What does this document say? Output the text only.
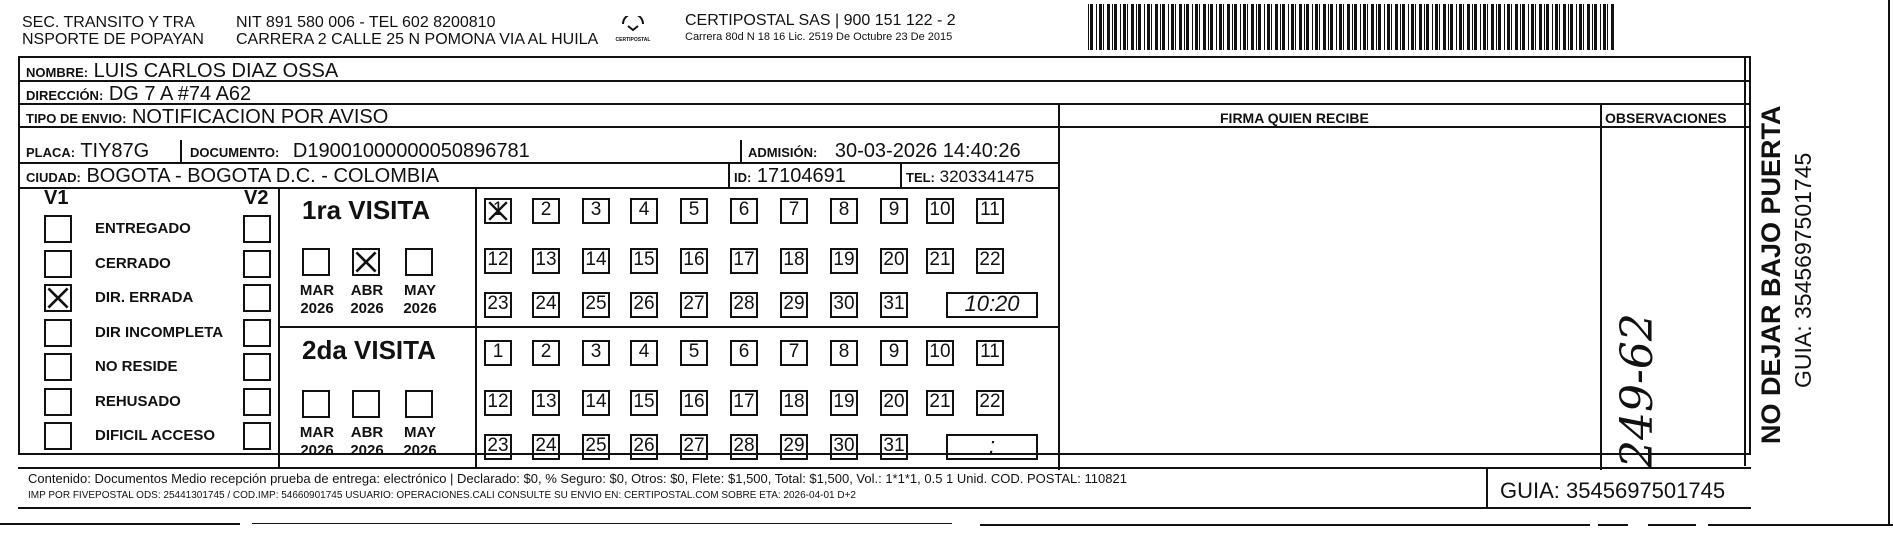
SEC. TRANSITO Y TRA
NSPORTE DE POPAYAN
NIT 891 580 006 - TEL 602 8200810
CARRERA 2 CALLE 25 N POMONA VIA AL HUILA	CERTIPOSTAL
CERTIPOSTAL SAS | 900 151 122 - 2
Carrera 80d N 18 16 Lic. 2519 De Octubre 23 De 2015
NOMBRE: LUIS CARLOS DIAZ OSSA
DIRECCIÓN: DG 7 A #74 A62
TIPO DE ENVIO: NOTIFICACION POR AVISO	FIRMA QUIEN RECIBE	OBSERVACIONES
PLACA: TIY87G	DOCUMENTO: D19001000000050896781	ADMISIÓN: 30-03-2026 14:40:26
CIUDAD: BOGOTA - BOGOTA D.C. - COLOMBIA	ID: 17104691	TEL: 3203341475
V1	V2
ENTREGADO
CERRADO
DIR. ERRADA
DIR INCOMPLETA
NO RESIDE
REHUSADO
DIFICIL ACCESO
1ra VISITA
2da VISITA
MAR 2026
ABR 2026
MAY 2026
1	2	3	4	5	6	7	8	9	10 11
12 13 14 15 16 17 18 19 20 21 22
23 24 25 26 27 28 29 30 31	10:20
MAR 2026
ABR 2026
MAY 2026
1	2	3	4	5	6	7	8	9	10 11
12 13 14 15 16 17 18 19 20 21 22
23 24 25 26 27 28 29 30 31	:	249-62
Contenido: Documentos Medio recepción prueba de entrega: electrónico | Declarado: $0, % Seguro: $0, Otros: $0, Flete: $1,500, Total: $1,500, Vol.: 1*1*1, 0.5 1 Unid. COD. POSTAL: 110821
IMP POR FIVEPOSTAL ODS: 25441301745 / COD.IMP: 54660901745 USUARIO: OPERACIONES.CALI CONSULTE SU ENVIO EN: CERTIPOSTAL.COM SOBRE ETA: 2026-04-01 D+2	GUIA: 3545697501745
NO DEJAR BAJO PUERTA GUIA: 3545697501745
